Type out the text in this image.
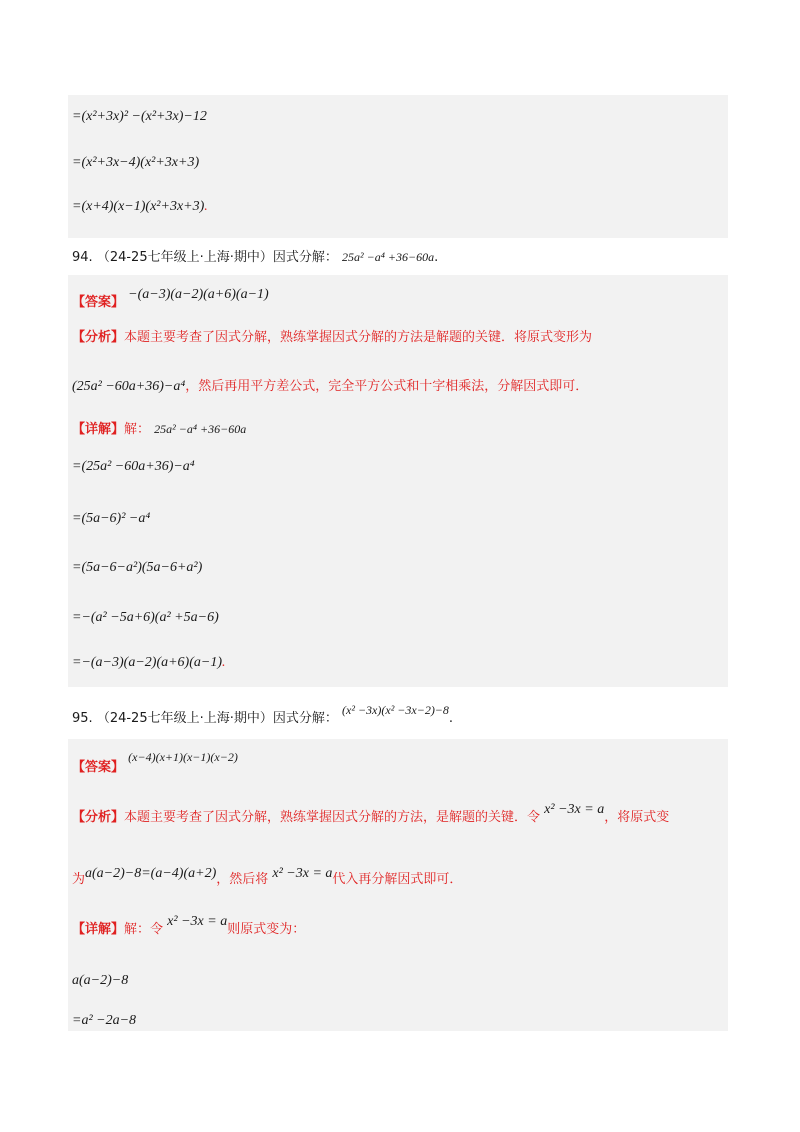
=(x²+3x)² −(x²+3x)−12
=(x²+3x−4)(x²+3x+3)
=(x+4)(x−1)(x²+3x+3).
94. （24-25七年级上·上海·期中）因式分解： 25a² −a⁴ +36−60a.
【答案】 −(a−3)(a−2)(a+6)(a−1)
【分析】本题主要考查了因式分解，熟练掌握因式分解的方法是解题的关键．将原式变形为
(25a² −60a+36)−a⁴，然后再用平方差公式，完全平方公式和十字相乘法，分解因式即可．
【详解】解： 25a² −a⁴ +36−60a
=(25a² −60a+36)−a⁴
=(5a−6)² −a⁴
=(5a−6−a²)(5a−6+a²)
=−(a² −5a+6)(a² +5a−6)
=−(a−3)(a−2)(a+6)(a−1).
95. （24-25七年级上·上海·期中）因式分解： (x² −3x)(x² −3x−2)−8.
【答案】 (x−4)(x+1)(x−1)(x−2)
【分析】本题主要考查了因式分解，熟练掌握因式分解的方法，是解题的关键．令 x² −3x = a，将原式变
为a(a−2)−8=(a−4)(a+2)，然后将 x² −3x = a代入再分解因式即可．
【详解】解：令 x² −3x = a则原式变为：
a(a−2)−8
=a² −2a−8
